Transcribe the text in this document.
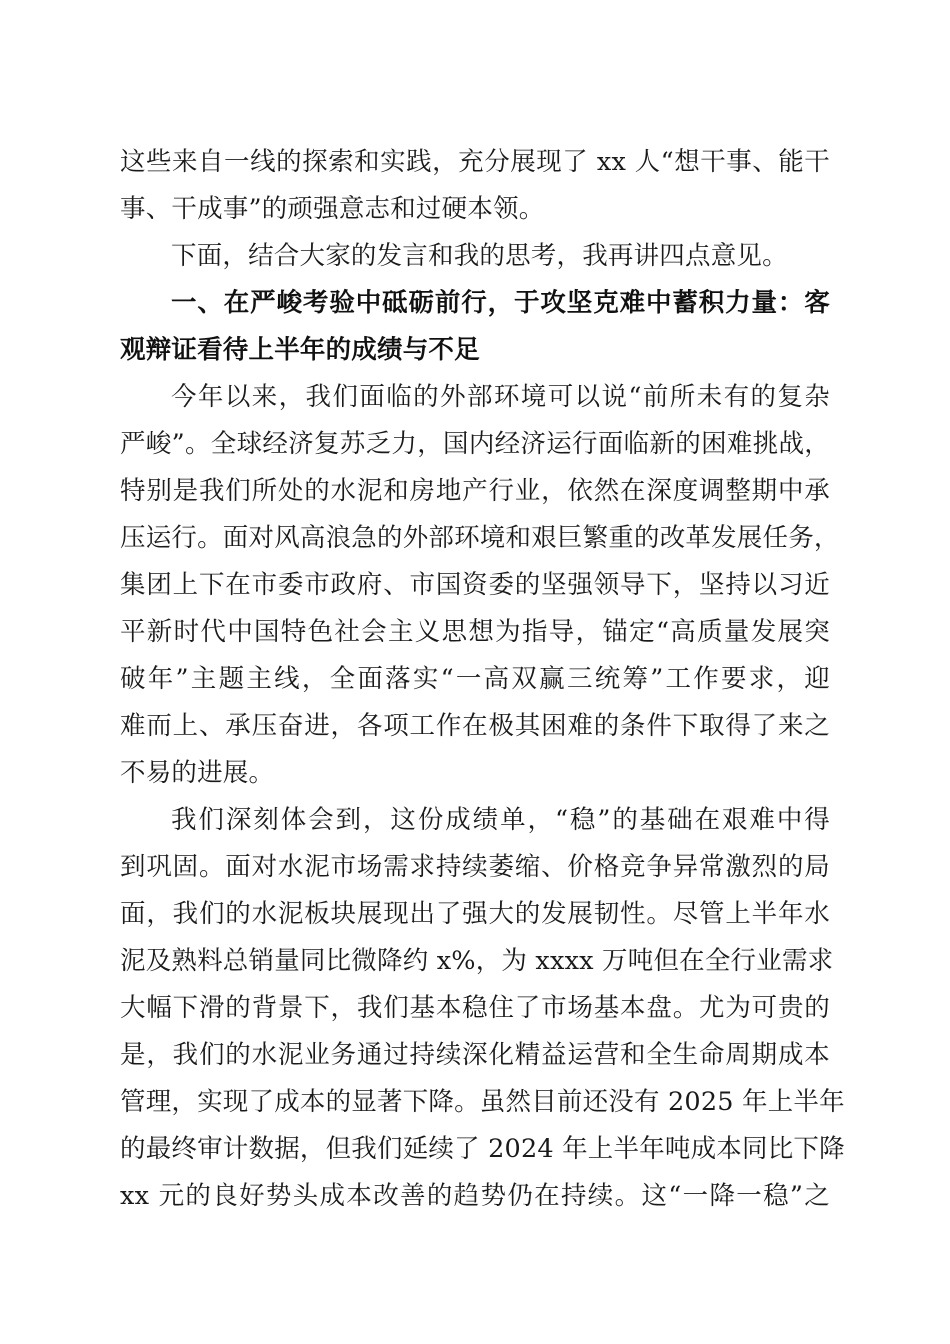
这些来自一线的探索和实践，充分展现了 xx 人“想干事、能干
事、干成事”的顽强意志和过硬本领。
下面，结合大家的发言和我的思考，我再讲四点意见。
一、在严峻考验中砥砺前行，于攻坚克难中蓄积力量：客
观辩证看待上半年的成绩与不足
今年以来，我们面临的外部环境可以说“前所未有的复杂
严峻”。全球经济复苏乏力，国内经济运行面临新的困难挑战，
特别是我们所处的水泥和房地产行业，依然在深度调整期中承
压运行。面对风高浪急的外部环境和艰巨繁重的改革发展任务，
集团上下在市委市政府、市国资委的坚强领导下，坚持以习近
平新时代中国特色社会主义思想为指导，锚定“高质量发展突
破年”主题主线，全面落实“一高双赢三统筹”工作要求，迎
难而上、承压奋进，各项工作在极其困难的条件下取得了来之
不易的进展。
我们深刻体会到，这份成绩单，“稳”的基础在艰难中得
到巩固。面对水泥市场需求持续萎缩、价格竞争异常激烈的局
面，我们的水泥板块展现出了强大的发展韧性。尽管上半年水
泥及熟料总销量同比微降约 x%，为 xxxx 万吨但在全行业需求
大幅下滑的背景下，我们基本稳住了市场基本盘。尤为可贵的
是，我们的水泥业务通过持续深化精益运营和全生命周期成本
管理，实现了成本的显著下降。虽然目前还没有 2025 年上半年
的最终审计数据，但我们延续了 2024 年上半年吨成本同比下降
xx 元的良好势头成本改善的趋势仍在持续。这“一降一稳”之
